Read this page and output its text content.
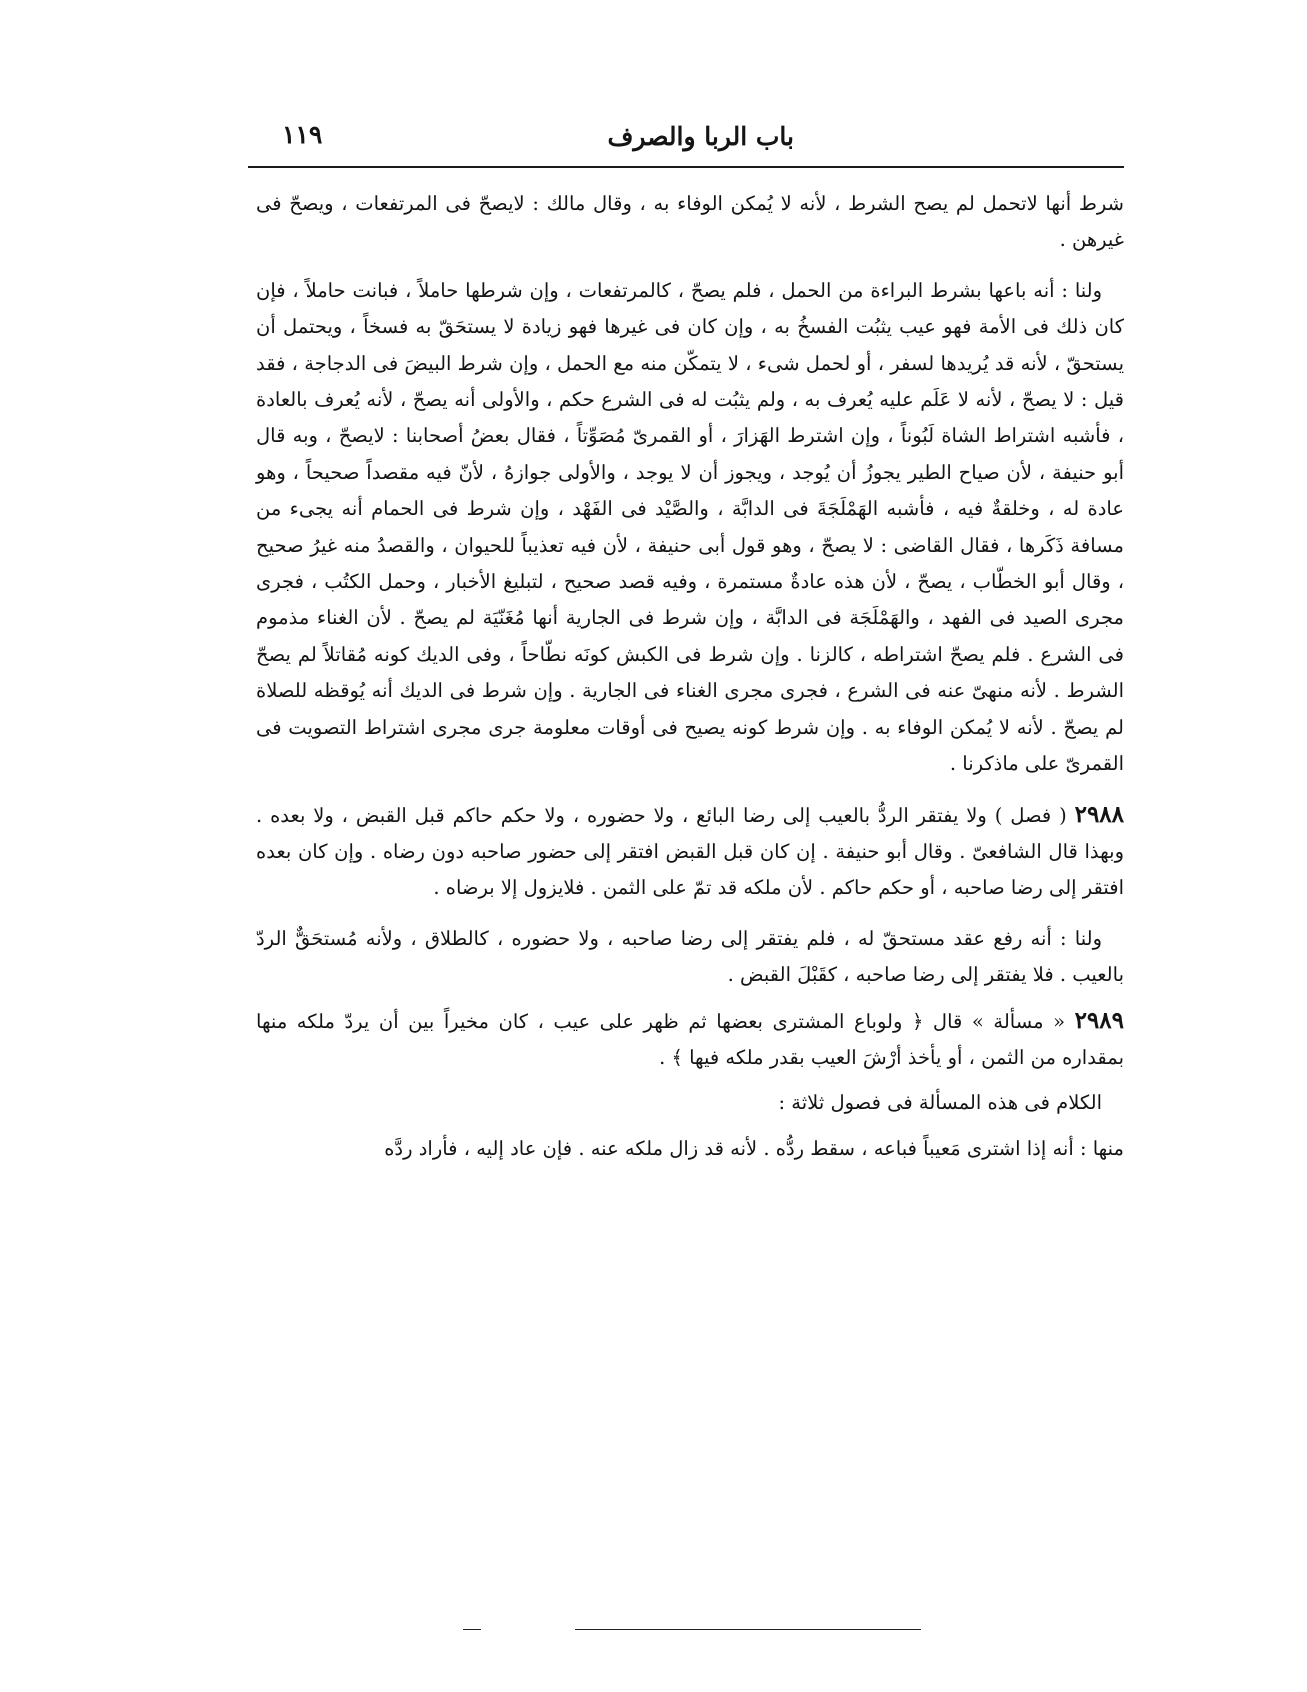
باب الربا والصرف
١١٩

شرط أنها لاتحمل لم يصح الشرط ، لأنه لا يُمكن الوفاء به ، وقال مالك : لايصحّ فى المرتفعات ، ويصحّ فى غيرهن .

ولنا : أنه باعها بشرط البراءة من الحمل ، فلم يصحّ ، كالمرتفعات ، وإن شرطها حاملاً ، فبانت حاملاً ، فإن كان ذلك فى الأمة فهو عيب يثبُت الفسخُ به ، وإن كان فى غيرها فهو زيادة لا يستحَقّ به فسخاً ، ويحتمل أن يستحقّ ، لأنه قد يُريدها لسفر ، أو لحمل شىء ، لا يتمكّن منه مع الحمل ، وإن شرط البيضَ فى الدجاجة ، فقد قيل : لا يصحّ ، لأنه لا عَلَم عليه يُعرف به ، ولم يثبُت له فى الشرع حكم ، والأولى أنه يصحّ ، لأنه يُعرف بالعادة ، فأشبه اشتراط الشاة لَبُوناً ، وإن اشترط الهَزارَ ، أو القمرىّ مُصَوِّتاً ، فقال بعضُ أصحابنا : لايصحّ ، وبه قال أبو حنيفة ، لأن صياح الطير يجوزُ أن يُوجد ، ويجوز أن لا يوجد ، والأولى جوازهُ ، لأنّ فيه مقصداً صحيحاً ، وهو عادة له ، وخلقةٌ فيه ، فأشبه الهَمْلَجَةَ فى الدابَّة ، والصَّيْد فى الفَهْد ، وإن شرط فى الحمام أنه يجىء من مسافة ذَكَرها ، فقال القاضى : لا يصحّ ، وهو قول أبى حنيفة ، لأن فيه تعذيباً للحيوان ، والقصدُ منه غيرُ صحيح ، وقال أبو الخطّاب ، يصحّ ، لأن هذه عادةٌ مستمرة ، وفيه قصد صحيح ، لتبليغ الأخبار ، وحمل الكتُب ، فجرى مجرى الصيد فى الفهد ، والهَمْلَجَة فى الدابَّة ، وإن شرط فى الجارية أنها مُغَنّيَة لم يصحّ . لأن الغناء مذموم فى الشرع . فلم يصحّ اشتراطه ، كالزنا . وإن شرط فى الكبش كونَه نطّاحاً ، وفى الديك كونه مُقاتلاً لم يصحّ الشرط . لأنه منهىّ عنه فى الشرع ، فجرى مجرى الغناء فى الجارية . وإن شرط فى الديك أنه يُوقظه للصلاة لم يصحّ . لأنه لا يُمكن الوفاء به . وإن شرط كونه يصيح فى أوقات معلومة جرى مجرى اشتراط التصويت فى القمرىّ على ماذكرنا .

٢٩٨٨ ( فصل ) ولا يفتقر الردُّ بالعيب إلى رضا البائع ، ولا حضوره ، ولا حكم حاكم قبل القبض ، ولا بعده . وبهذا قال الشافعىّ . وقال أبو حنيفة . إن كان قبل القبض افتقر إلى حضور صاحبه دون رضاه . وإن كان بعده افتقر إلى رضا صاحبه ، أو حكم حاكم . لأن ملكه قد تمّ على الثمن . فلايزول إلا برضاه .

ولنا : أنه رفع عقد مستحقّ له ، فلم يفتقر إلى رضا صاحبه ، ولا حضوره ، كالطلاق ، ولأنه مُستحَقٌّ الردّ بالعيب . فلا يفتقر إلى رضا صاحبه ، كقَبْلَ القبض .

٢٩٨٩ « مسألة » قال ﴿ ولوباع المشترى بعضها ثم ظهر على عيب ، كان مخيراً بين أن يردّ ملكه منها بمقداره من الثمن ، أو يأخذ أرْشَ العيب بقدر ملكه فيها ﴾ .

الكلام فى هذه المسألة فى فصول ثلاثة :

منها : أنه إذا اشترى مَعيباً فباعه ، سقط ردُّه . لأنه قد زال ملكه عنه . فإن عاد إليه ، فأراد ردَّه
